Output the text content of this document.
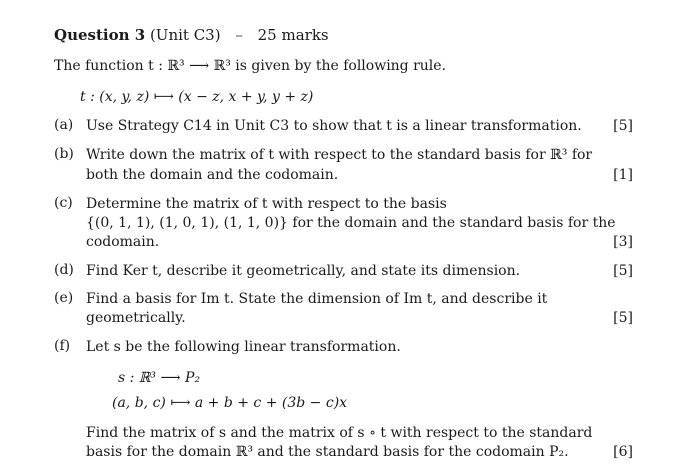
Question 3 (Unit C3) – 25 marks
The function t : ℝ³ ⟶ ℝ³ is given by the following rule.
t : (x, y, z) ⟼ (x − z, x + y, y + z)
(a) Use Strategy C14 in Unit C3 to show that t is a linear transformation. [5]
(b) Write down the matrix of t with respect to the standard basis for ℝ³ for
both the domain and the codomain.	[1]
(c) Determine the matrix of t with respect to the basis
{(0, 1, 1), (1, 0, 1), (1, 1, 0)} for the domain and the standard basis for the
codomain.	[3]
(d) Find Ker t, describe it geometrically, and state its dimension.	[5]
(e) Find a basis for Im t. State the dimension of Im t, and describe it
geometrically.	[5]
(f) Let s be the following linear transformation.
s : ℝ³ ⟶ P₂
(a, b, c) ⟼ a + b + c + (3b − c)x
Find the matrix of s and the matrix of s ∘ t with respect to the standard
basis for the domain ℝ³ and the standard basis for the codomain P₂.	[6]
